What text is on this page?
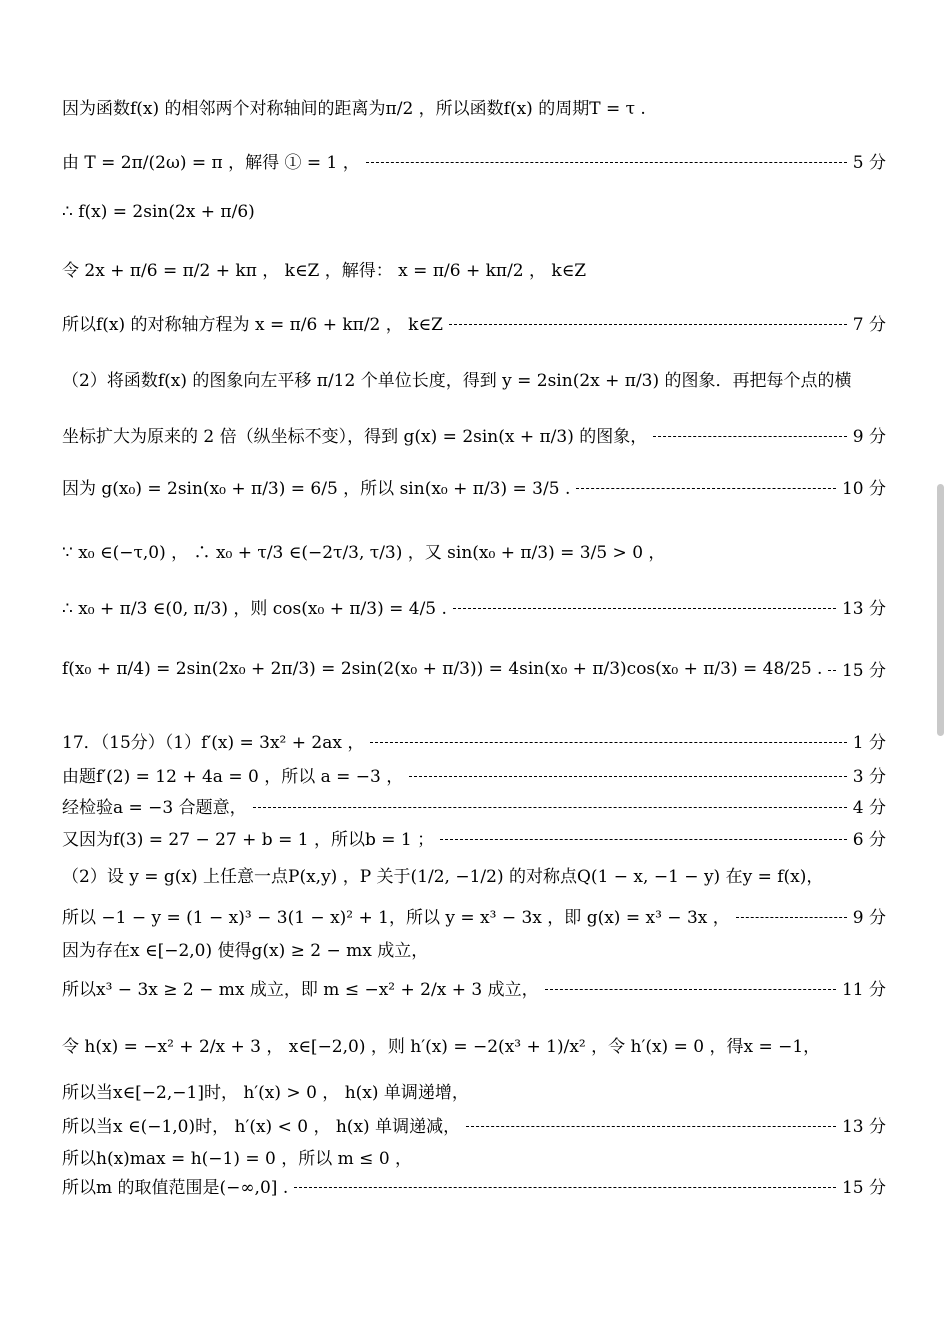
因为函数f(x) 的相邻两个对称轴间的距离为π/2 ，所以函数f(x) 的周期T = τ .
由 T = 2π/(2ω) = π ，解得 ① = 1 ，	5 分
∴ f(x) = 2sin(2x + π/6)
令 2x + π/6 = π/2 + kπ ， k∈Z ，解得： x = π/6 + kπ/2 ， k∈Z
所以f(x) 的对称轴方程为 x = π/6 + kπ/2 ， k∈Z	7 分
（2）将函数f(x) 的图象向左平移 π/12 个单位长度，得到 y = 2sin(2x + π/3) 的图象．再把每个点的横
坐标扩大为原来的 2 倍（纵坐标不变），得到 g(x) = 2sin(x + π/3) 的图象，	9 分
因为 g(x₀) = 2sin(x₀ + π/3) = 6/5 ，所以 sin(x₀ + π/3) = 3/5 .	10 分
∵ x₀ ∈(−τ,0) ， ∴ x₀ + τ/3 ∈(−2τ/3, τ/3) ，又 sin(x₀ + π/3) = 3/5 > 0 ，
∴ x₀ + π/3 ∈(0, π/3) ，则 cos(x₀ + π/3) = 4/5 .	13 分
f(x₀ + π/4) = 2sin(2x₀ + 2π/3) = 2sin(2(x₀ + π/3)) = 4sin(x₀ + π/3)cos(x₀ + π/3) = 48/25 . 15 分
17．（15分）（1）f′(x) = 3x² + 2ax ，	1 分
由题f′(2) = 12 + 4a = 0 ，所以 a = −3 ，	3 分
经检验a = −3 合题意，	4 分
又因为f(3) = 27 − 27 + b = 1 ，所以b = 1 ；	6 分
（2）设 y = g(x) 上任意一点P(x,y) ，P 关于(1/2, −1/2) 的对称点Q(1 − x, −1 − y) 在y = f(x)，
所以 −1 − y = (1 − x)³ − 3(1 − x)² + 1，所以 y = x³ − 3x ，即 g(x) = x³ − 3x ，	9 分
因为存在x ∈[−2,0) 使得g(x) ≥ 2 − mx 成立，
所以x³ − 3x ≥ 2 − mx 成立，即 m ≤ −x² + 2/x + 3 成立，	11 分
令 h(x) = −x² + 2/x + 3 ， x∈[−2,0) ，则 h′(x) = −2(x³ + 1)/x² ，令 h′(x) = 0 ，得x = −1，
所以当x∈[−2,−1]时， h′(x) > 0 ， h(x) 单调递增，
所以当x ∈(−1,0)时， h′(x) < 0 ， h(x) 单调递减，	13 分
所以h(x)max = h(−1) = 0 ，所以 m ≤ 0 ，
所以m 的取值范围是(−∞,0] .	15 分
